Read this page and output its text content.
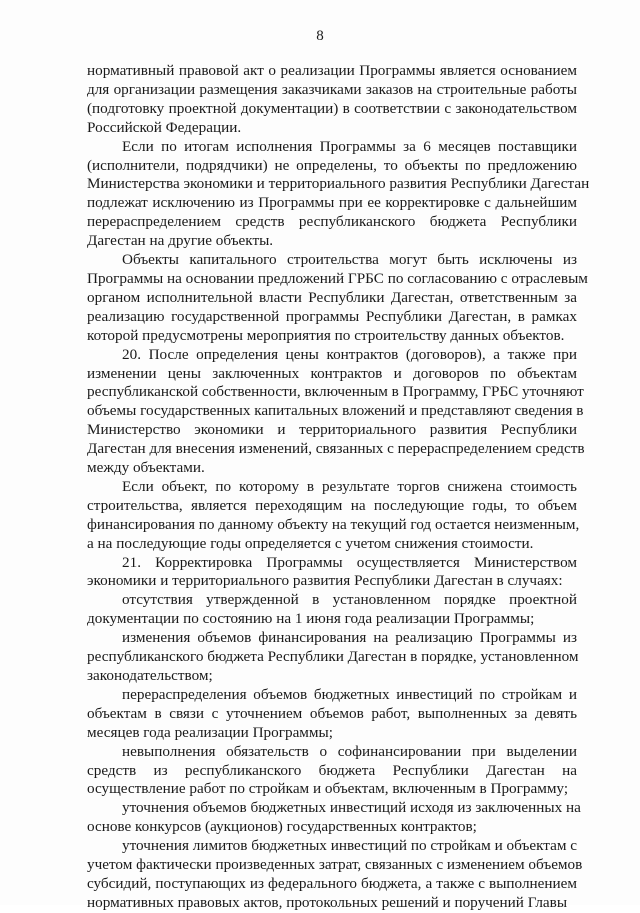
8

нормативный правовой акт о реализации Программы является основанием
для организации размещения заказчиками заказов на строительные работы
(подготовку проектной документации) в соответствии с законодательством
Российской Федерации.

Если по итогам исполнения Программы за 6 месяцев поставщики
(исполнители, подрядчики) не определены, то объекты по предложению
Министерства экономики и территориального развития Республики Дагестан
подлежат исключению из Программы при ее корректировке с дальнейшим
перераспределением средств республиканского бюджета Республики
Дагестан на другие объекты.

Объекты капитального строительства могут быть исключены из
Программы на основании предложений ГРБС по согласованию с отраслевым
органом исполнительной власти Республики Дагестан, ответственным за
реализацию государственной программы Республики Дагестан, в рамках
которой предусмотрены мероприятия по строительству данных объектов.

20. После определения цены контрактов (договоров), а также при
изменении цены заключенных контрактов и договоров по объектам
республиканской собственности, включенным в Программу, ГРБС уточняют
объемы государственных капитальных вложений и представляют сведения в
Министерство экономики и территориального развития Республики
Дагестан для внесения изменений, связанных с перераспределением средств
между объектами.

Если объект, по которому в результате торгов снижена стоимость
строительства, является переходящим на последующие годы, то объем
финансирования по данному объекту на текущий год остается неизменным,
а на последующие годы определяется с учетом снижения стоимости.

21. Корректировка Программы осуществляется Министерством
экономики и территориального развития Республики Дагестан в случаях:

отсутствия утвержденной в установленном порядке проектной
документации по состоянию на 1 июня года реализации Программы;

изменения объемов финансирования на реализацию Программы из
республиканского бюджета Республики Дагестан в порядке, установленном
законодательством;

перераспределения объемов бюджетных инвестиций по стройкам и
объектам в связи с уточнением объемов работ, выполненных за девять
месяцев года реализации Программы;

невыполнения обязательств о софинансировании при выделении
средств из республиканского бюджета Республики Дагестан на
осуществление работ по стройкам и объектам, включенным в Программу;

уточнения объемов бюджетных инвестиций исходя из заключенных на
основе конкурсов (аукционов) государственных контрактов;

уточнения лимитов бюджетных инвестиций по стройкам и объектам с
учетом фактически произведенных затрат, связанных с изменением объемов
субсидий, поступающих из федерального бюджета, а также с выполнением
нормативных правовых актов, протокольных решений и поручений Главы
